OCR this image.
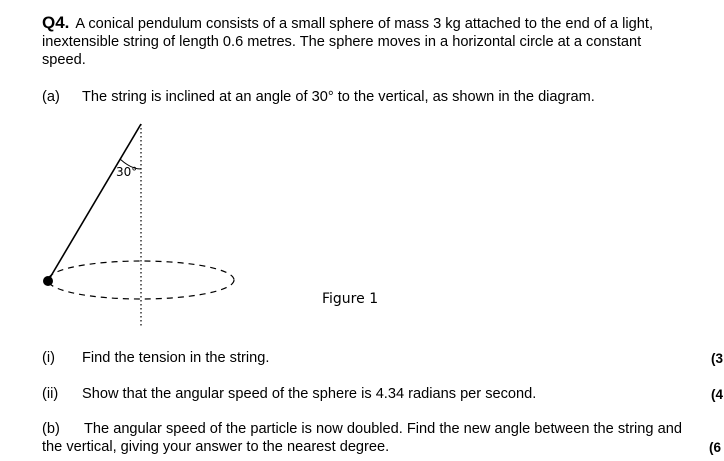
Q4. A conical pendulum consists of a small sphere of mass 3 kg attached to the end of a light,
inextensible string of length 0.6 metres. The sphere moves in a horizontal circle at a constant
speed.
(a) The string is inclined at an angle of 30° to the vertical, as shown in the diagram.
30°
Figure 1
(i) Find the tension in the string.	(3
(ii) Show that the angular speed of the sphere is 4.34 radians per second.	(4
(b) The angular speed of the particle is now doubled. Find the new angle between the string and
the vertical, giving your answer to the nearest degree.	(6
